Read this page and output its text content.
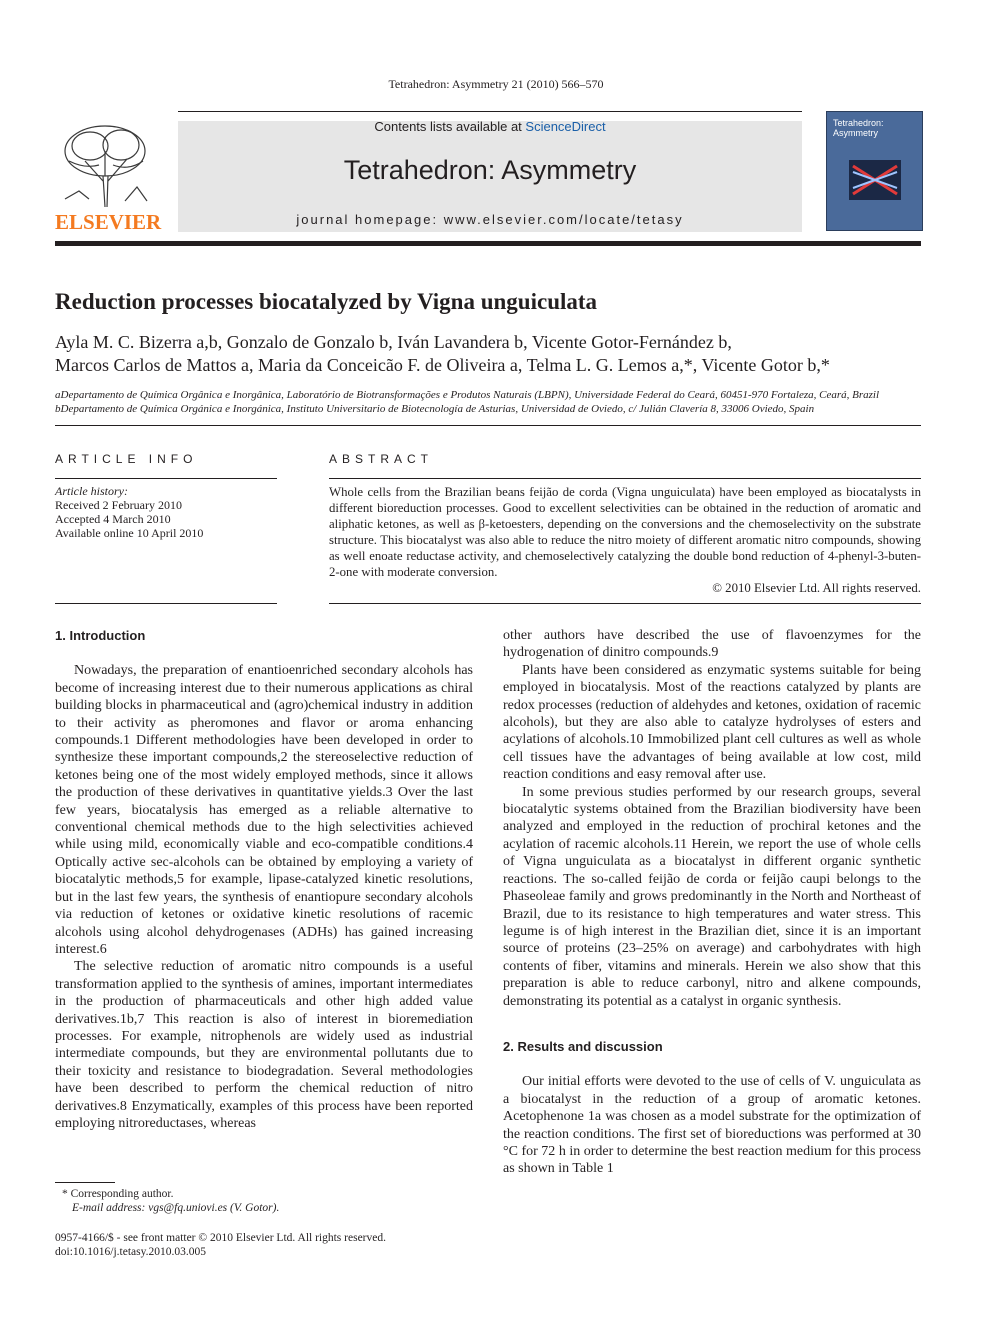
Tetrahedron: Asymmetry 21 (2010) 566–570
ELSEVIER
Contents lists available at ScienceDirect
Tetrahedron: Asymmetry
journal homepage: www.elsevier.com/locate/tetasy
Tetrahedron: Asymmetry
Reduction processes biocatalyzed by Vigna unguiculata
Ayla M. C. Bizerra a,b, Gonzalo de Gonzalo b, Iván Lavandera b, Vicente Gotor-Fernández b,
Marcos Carlos de Mattos a, Maria da Conceicão F. de Oliveira a, Telma L. G. Lemos a,*, Vicente Gotor b,*
aDepartamento de Química Orgânica e Inorgânica, Laboratório de Biotransformações e Produtos Naturais (LBPN), Universidade Federal do Ceará, 60451-970 Fortaleza, Ceará, Brazil
bDepartamento de Química Orgánica e Inorgánica, Instituto Universitario de Biotecnología de Asturias, Universidad de Oviedo, c/ Julián Clavería 8, 33006 Oviedo, Spain
ARTICLE INFO
Article history:
Received 2 February 2010
Accepted 4 March 2010
Available online 10 April 2010
ABSTRACT
Whole cells from the Brazilian beans feijão de corda (Vigna unguiculata) have been employed as biocatalysts in different bioreduction processes. Good to excellent selectivities can be obtained in the reduction of aromatic and aliphatic ketones, as well as β-ketoesters, depending on the conversions and the chemoselectivity on the substrate structure. This biocatalyst was also able to reduce the nitro moiety of different aromatic nitro compounds, showing as well enoate reductase activity, and chemoselectively catalyzing the double bond reduction of 4-phenyl-3-buten-2-one with moderate conversion.
© 2010 Elsevier Ltd. All rights reserved.
1. Introduction

Nowadays, the preparation of enantioenriched secondary alcohols has become of increasing interest due to their numerous applications as chiral building blocks in pharmaceutical and (agro)chemical industry in addition to their activity as pheromones and flavor or aroma enhancing compounds.1 Different methodologies have been developed in order to synthesize these important compounds,2 the stereoselective reduction of ketones being one of the most widely employed methods, since it allows the production of these derivatives in quantitative yields.3 Over the last few years, biocatalysis has emerged as a reliable alternative to conventional chemical methods due to the high selectivities achieved while using mild, economically viable and eco-compatible conditions.4 Optically active sec-alcohols can be obtained by employing a variety of biocatalytic methods,5 for example, lipase-catalyzed kinetic resolutions, but in the last few years, the synthesis of enantiopure secondary alcohols via reduction of ketones or oxidative kinetic resolutions of racemic alcohols using alcohol dehydrogenases (ADHs) has gained increasing interest.6

The selective reduction of aromatic nitro compounds is a useful transformation applied to the synthesis of amines, important intermediates in the production of pharmaceuticals and other high added value derivatives.1b,7 This reaction is also of interest in bioremediation processes. For example, nitrophenols are widely used as industrial intermediate compounds, but they are environmental pollutants due to their toxicity and resistance to biodegradation. Several methodologies have been described to perform the chemical reduction of nitro derivatives.8 Enzymatically, examples of this process have been reported employing nitroreductases, whereas

other authors have described the use of flavoenzymes for the hydrogenation of dinitro compounds.9

Plants have been considered as enzymatic systems suitable for being employed in biocatalysis. Most of the reactions catalyzed by plants are redox processes (reduction of aldehydes and ketones, oxidation of racemic alcohols), but they are also able to catalyze hydrolyses of esters and acylations of alcohols.10 Immobilized plant cell cultures as well as whole cell tissues have the advantages of being available at low cost, mild reaction conditions and easy removal after use.

In some previous studies performed by our research groups, several biocatalytic systems obtained from the Brazilian biodiversity have been analyzed and employed in the reduction of prochiral ketones and the acylation of racemic alcohols.11 Herein, we report the use of whole cells of Vigna unguiculata as a biocatalyst in different organic synthetic reactions. The so-called feijão de corda or feijão caupi belongs to the Phaseoleae family and grows predominantly in the North and Northeast of Brazil, due to its resistance to high temperatures and water stress. This legume is of high interest in the Brazilian diet, since it is an important source of proteins (23–25% on average) and carbohydrates with high contents of fiber, vitamins and minerals. Herein we also show that this preparation is able to reduce carbonyl, nitro and alkene compounds, demonstrating its potential as a catalyst in organic synthesis.

2. Results and discussion

Our initial efforts were devoted to the use of cells of V. unguiculata as a biocatalyst in the reduction of a group of aromatic ketones. Acetophenone 1a was chosen as a model substrate for the optimization of the reaction conditions. The first set of bioreductions was performed at 30 °C for 72 h in order to determine the best reaction medium for this process as shown in Table 1

* Corresponding author.
E-mail address: vgs@fq.uniovi.es (V. Gotor).
0957-4166/$ - see front matter © 2010 Elsevier Ltd. All rights reserved.
doi:10.1016/j.tetasy.2010.03.005
